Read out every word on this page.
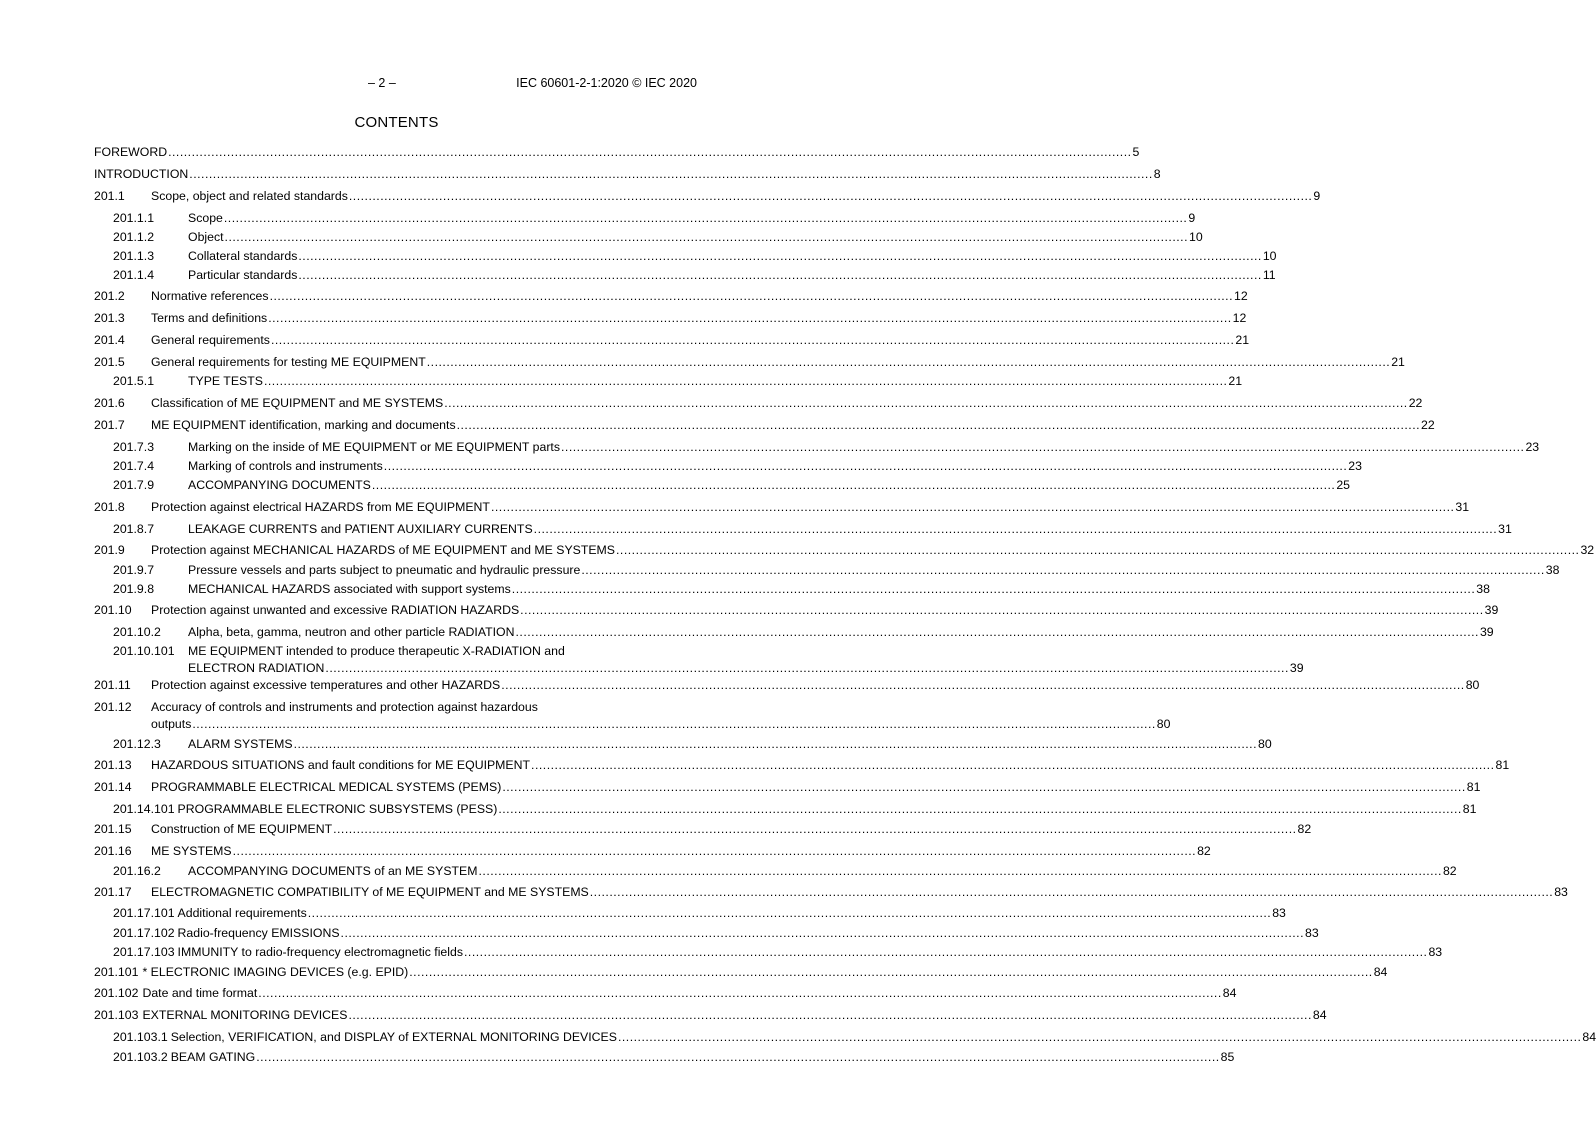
– 2 –	IEC 60601-2-1:2020 © IEC 2020
CONTENTS
FOREWORD .....	5
INTRODUCTION .....	8
201.1	Scope, object and related standards .....	9
201.1.1	Scope .....	9
201.1.2	Object .....	10
201.1.3	Collateral standards .....	10
201.1.4	Particular standards .....	11
201.2	Normative references .....	12
201.3	Terms and definitions .....	12
201.4	General requirements .....	21
201.5	General requirements for testing ME EQUIPMENT .....	21
201.5.1	TYPE TESTS .....	21
201.6	Classification of ME EQUIPMENT and ME SYSTEMS .....	22
201.7	ME EQUIPMENT identification, marking and documents .....	22
201.7.3	Marking on the inside of ME EQUIPMENT or ME EQUIPMENT parts .....	23
201.7.4	Marking of controls and instruments .....	23
201.7.9	ACCOMPANYING DOCUMENTS .....	25
201.8	Protection against electrical HAZARDS from ME EQUIPMENT .....	31
201.8.7	LEAKAGE CURRENTS and PATIENT AUXILIARY CURRENTS .....	31
201.9	Protection against MECHANICAL HAZARDS of ME EQUIPMENT and ME SYSTEMS .....	32
201.9.7	Pressure vessels and parts subject to pneumatic and hydraulic pressure .....	38
201.9.8	MECHANICAL HAZARDS associated with support systems .....	38
201.10	Protection against unwanted and excessive RADIATION HAZARDS .....	39
201.10.2	Alpha, beta, gamma, neutron and other particle RADIATION .....	39
201.10.101 ME EQUIPMENT intended to produce therapeutic X-RADIATION and
ELECTRON RADIATION .....	39
201.11	Protection against excessive temperatures and other HAZARDS .....	80
201.12 Accuracy of controls and instruments and protection against hazardous
outputs .....	80
201.12.3	ALARM SYSTEMS .....	80
201.13	HAZARDOUS SITUATIONS and fault conditions for ME EQUIPMENT .....	81
201.14	PROGRAMMABLE ELECTRICAL MEDICAL SYSTEMS (PEMS) .....	81
201.14.101 PROGRAMMABLE ELECTRONIC SUBSYSTEMS (PESS) .....	81
201.15	Construction of ME EQUIPMENT .....	82
201.16	ME SYSTEMS .....	82
201.16.2	ACCOMPANYING DOCUMENTS of an ME SYSTEM .....	82
201.17	ELECTROMAGNETIC COMPATIBILITY of ME EQUIPMENT and ME SYSTEMS .....	83
201.17.101 Additional requirements .....	83
201.17.102 Radio-frequency EMISSIONS .....	83
201.17.103 IMMUNITY to radio-frequency electromagnetic fields .....	83
201.101 * ELECTRONIC IMAGING DEVICES (e.g. EPID) .....	84
201.102 Date and time format .....	84
201.103 EXTERNAL MONITORING DEVICES .....	84
201.103.1 Selection, VERIFICATION, and DISPLAY of EXTERNAL MONITORING DEVICES .....	84
201.103.2 BEAM GATING .....	85
